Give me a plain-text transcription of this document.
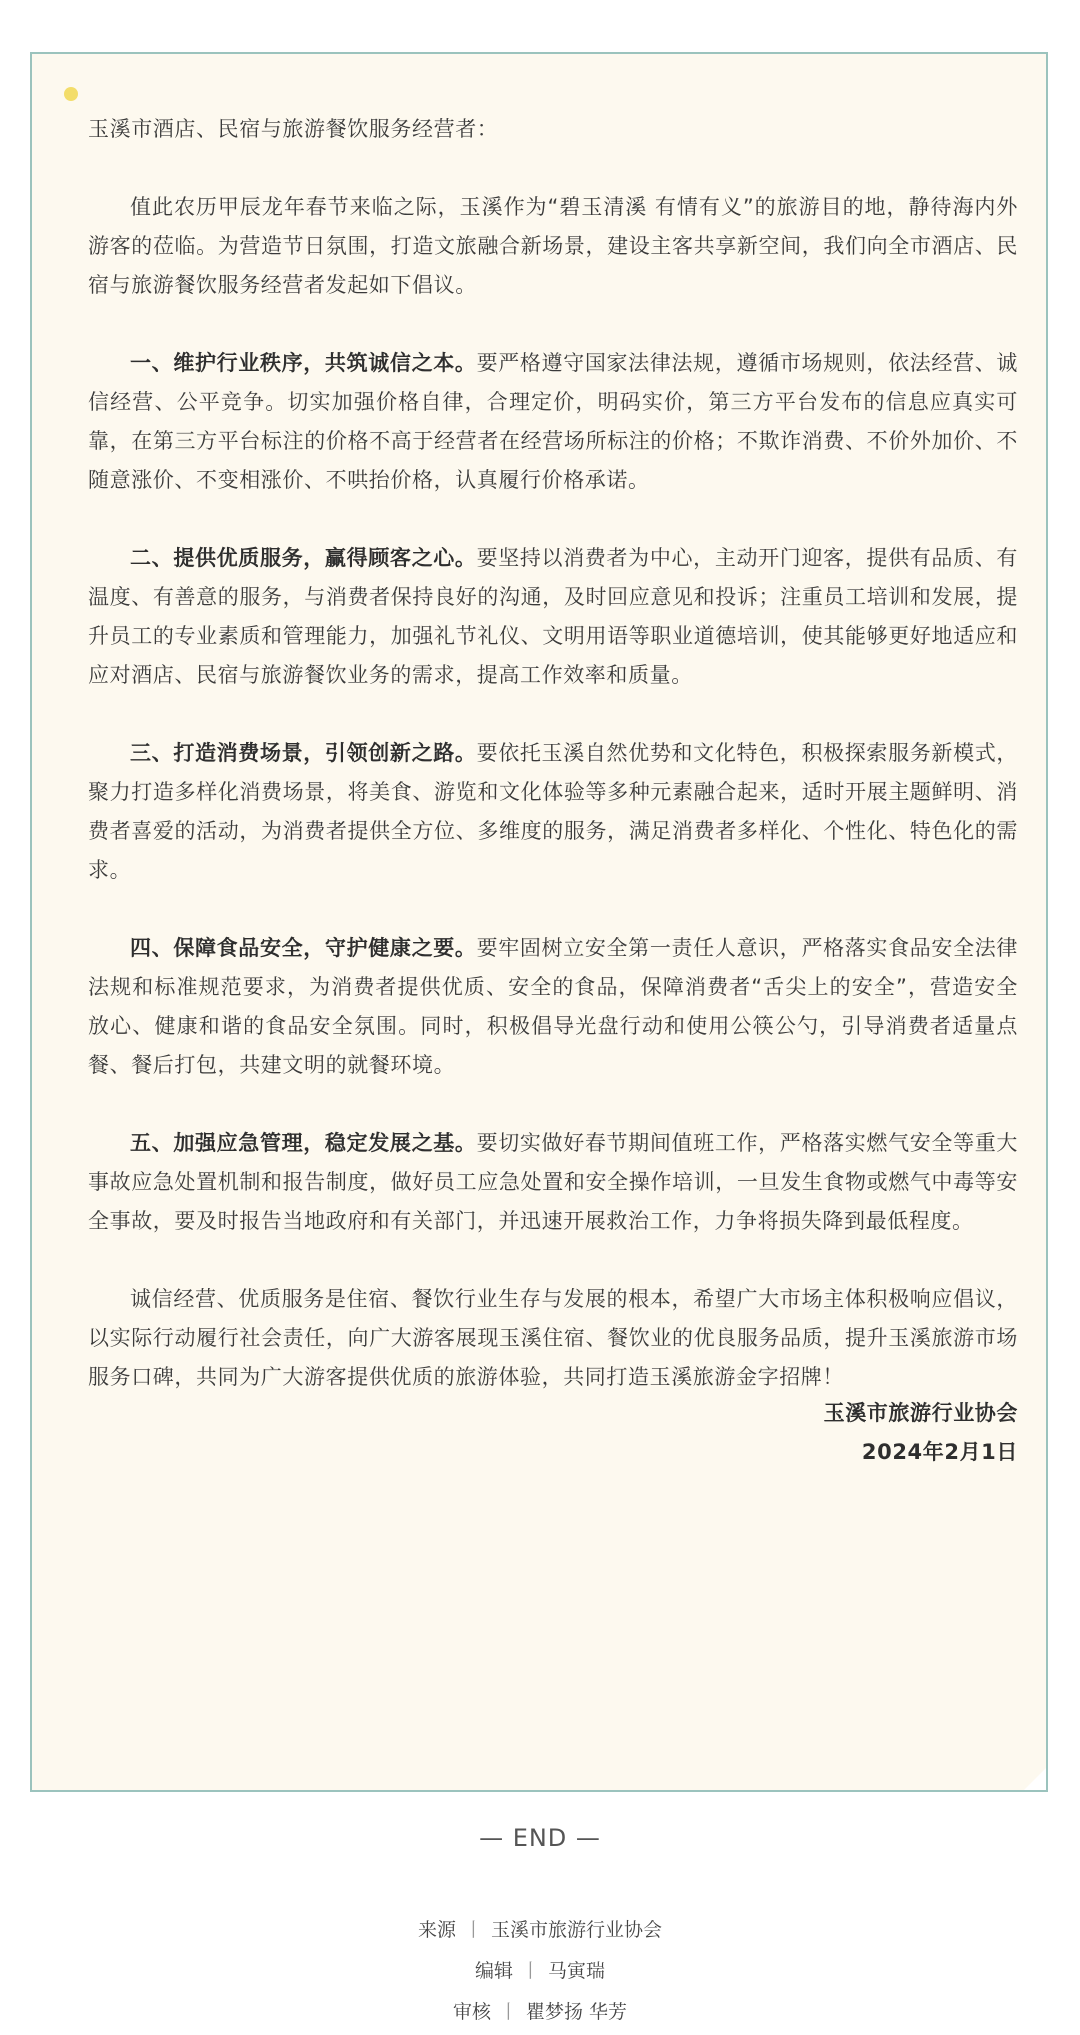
玉溪市酒店、民宿与旅游餐饮服务经营者：

值此农历甲辰龙年春节来临之际，玉溪作为“碧玉清溪 有情有义”的旅游目的地，静待海内外游客的莅临。为营造节日氛围，打造文旅融合新场景，建设主客共享新空间，我们向全市酒店、民宿与旅游餐饮服务经营者发起如下倡议。

一、维护行业秩序，共筑诚信之本。要严格遵守国家法律法规，遵循市场规则，依法经营、诚信经营、公平竞争。切实加强价格自律，合理定价，明码实价，第三方平台发布的信息应真实可靠，在第三方平台标注的价格不高于经营者在经营场所标注的价格；不欺诈消费、不价外加价、不随意涨价、不变相涨价、不哄抬价格，认真履行价格承诺。

二、提供优质服务，赢得顾客之心。要坚持以消费者为中心，主动开门迎客，提供有品质、有温度、有善意的服务，与消费者保持良好的沟通，及时回应意见和投诉；注重员工培训和发展，提升员工的专业素质和管理能力，加强礼节礼仪、文明用语等职业道德培训，使其能够更好地适应和应对酒店、民宿与旅游餐饮业务的需求，提高工作效率和质量。

三、打造消费场景，引领创新之路。要依托玉溪自然优势和文化特色，积极探索服务新模式，聚力打造多样化消费场景，将美食、游览和文化体验等多种元素融合起来，适时开展主题鲜明、消费者喜爱的活动，为消费者提供全方位、多维度的服务，满足消费者多样化、个性化、特色化的需求。

四、保障食品安全，守护健康之要。要牢固树立安全第一责任人意识，严格落实食品安全法律法规和标准规范要求，为消费者提供优质、安全的食品，保障消费者“舌尖上的安全”，营造安全放心、健康和谐的食品安全氛围。同时，积极倡导光盘行动和使用公筷公勺，引导消费者适量点餐、餐后打包，共建文明的就餐环境。

五、加强应急管理，稳定发展之基。要切实做好春节期间值班工作，严格落实燃气安全等重大事故应急处置机制和报告制度，做好员工应急处置和安全操作培训，一旦发生食物或燃气中毒等安全事故，要及时报告当地政府和有关部门，并迅速开展救治工作，力争将损失降到最低程度。

诚信经营、优质服务是住宿、餐饮行业生存与发展的根本，希望广大市场主体积极响应倡议，以实际行动履行社会责任，向广大游客展现玉溪住宿、餐饮业的优良服务品质，提升玉溪旅游市场服务口碑，共同为广大游客提供优质的旅游体验，共同打造玉溪旅游金字招牌！

玉溪市旅游行业协会
2024年2月1日
— END —
来源 丨 玉溪市旅游行业协会
编辑 丨 马寅瑞
审核 丨 瞿梦扬 华芳
